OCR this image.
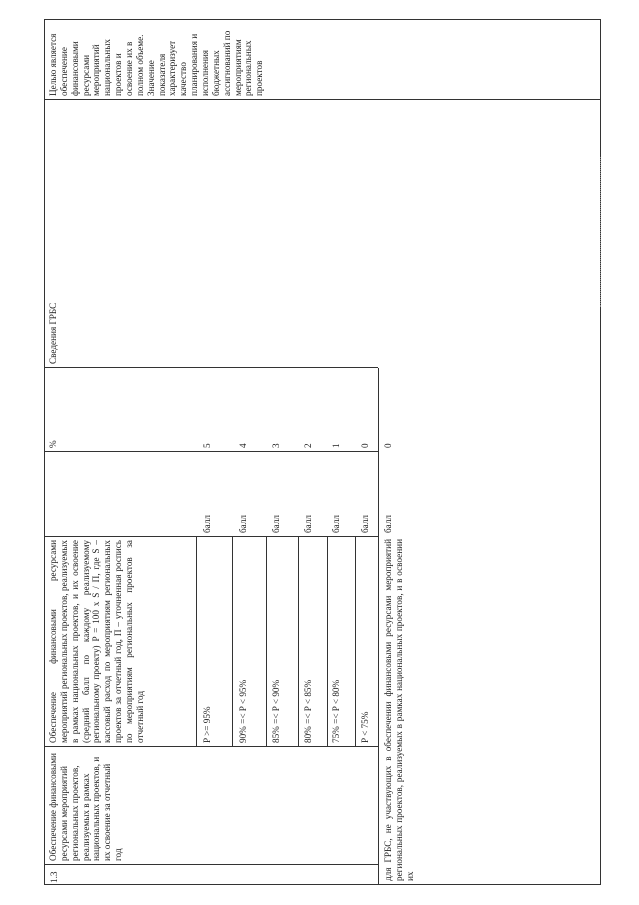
1.3
Обеспечение финансовыми ресурсами мероприятий региональных проектов, реализуемых в рамках национальных проектов, и их освоение за отчетный год
Обеспечение финансовыми ресурсами мероприятий региональных проектов, реализуемых в рамках национальных проектов, и их освоение (средний балл по каждому реализуемому региональному проекту) P = 100 x S / П, где S – кассовый расход по мероприятиям региональных проектов за отчетный год, П – уточненная роспись по мероприятиям региональных проектов за отчетный год
%
Сведения ГРБС
Целью является обеспечение финансовыми ресурсами мероприятий национальных проектов и освоение их в полном объеме. Значение показателя характеризует качество планирования и исполнения бюджетных ассигнований по мероприятиям региональных проектов
P >= 95%
балл
5
90% =< P < 95%
балл
4
85% =< P < 90%
балл
3
80% =< P < 85%
балл
2
75% =< P < 80%
балл
1
P < 75%
балл
0
для ГРБС, не участвующих в обеспечении финансовыми ресурсами мероприятий региональных проектов, реализуемых в рамках национальных проектов, и в освоении их
балл
0
